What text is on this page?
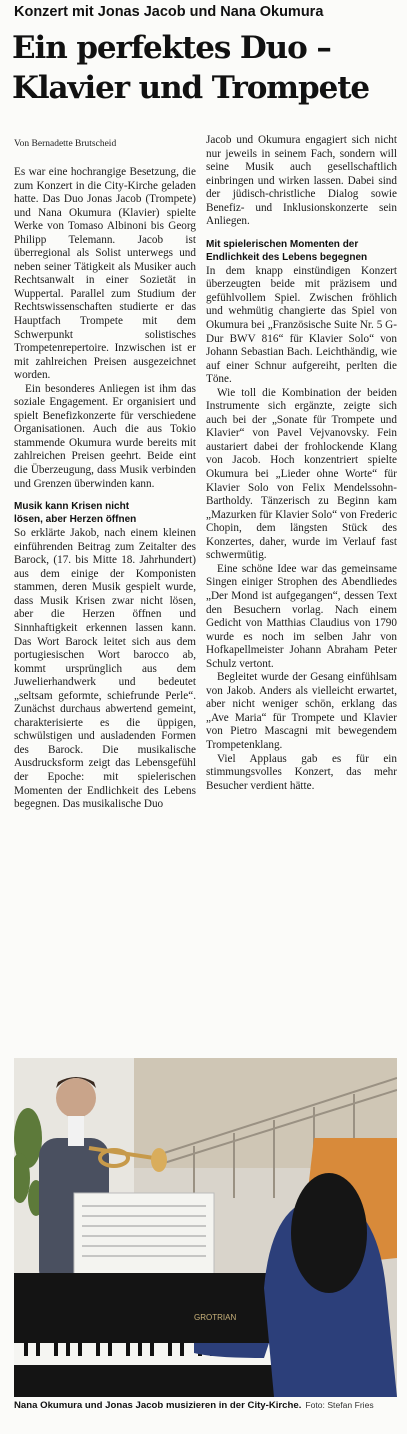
Konzert mit Jonas Jacob und Nana Okumura
Ein perfektes Duo –
Klavier und Trompete
Von Bernadette Brutscheid

Es war eine hochrangige Besetzung, die zum Konzert in die City-Kirche geladen hatte. Das Duo Jonas Jacob (Trompete) und Nana Okumura (Klavier) spielte Werke von Tomaso Albinoni bis Georg Philipp Telemann. Jacob ist überregional als Solist unterwegs und neben seiner Tätigkeit als Musiker auch Rechtsanwalt in einer Sozietät in Wuppertal. Parallel zum Studium der Rechtswissenschaften studierte er das Hauptfach Trompete mit dem Schwerpunkt solistisches Trompetenrepertoire. Inzwischen ist er mit zahlreichen Preisen ausgezeichnet worden.

Ein besonderes Anliegen ist ihm das soziale Engagement. Er organisiert und spielt Benefizkonzerte für verschiedene Organisationen. Auch die aus Tokio stammende Okumura wurde bereits mit zahlreichen Preisen geehrt. Beide eint die Überzeugung, dass Musik verbinden und Grenzen überwinden kann.

Musik kann Krisen nicht
lösen, aber Herzen öffnen

So erklärte Jakob, nach einem kleinen einführenden Beitrag zum Zeitalter des Barock, (17. bis Mitte 18. Jahrhundert) aus dem einige der Komponisten stammen, deren Musik gespielt wurde, dass Musik Krisen zwar nicht lösen, aber die Herzen öffnen und Sinnhaftigkeit erkennen lassen kann. Das Wort Barock leitet sich aus dem portugiesischen Wort barocco ab, kommt ursprünglich aus dem Juwelierhandwerk und bedeutet „seltsam geformte, schiefrunde Perle“. Zunächst durchaus abwertend gemeint, charakterisierte es die üppigen, schwülstigen und ausladenden Formen des Barock. Die musikalische Ausdrucksform zeigt das Lebensgefühl der Epoche: mit spielerischen Momenten der Endlichkeit des Lebens begegnen. Das musikalische Duo

Jacob und Okumura engagiert sich nicht nur jeweils in seinem Fach, sondern will seine Musik auch gesellschaftlich einbringen und wirken lassen. Dabei sind der jüdisch-christliche Dialog sowie Benefiz- und Inklusionskonzerte sein Anliegen.

Mit spielerischen Momenten der
Endlichkeit des Lebens begegnen

In dem knapp einstündigen Konzert überzeugten beide mit präzisem und gefühlvollem Spiel. Zwischen fröhlich und wehmütig changierte das Spiel von Okumura bei „Französische Suite Nr. 5 G-Dur BWV 816“ für Klavier Solo“ von Johann Sebastian Bach. Leichthändig, wie auf einer Schnur aufgereiht, perlten die Töne.

Wie toll die Kombination der beiden Instrumente sich ergänzte, zeigte sich auch bei der „Sonate für Trompete und Klavier“ von Pavel Vejvanovsky. Fein austariert dabei der frohlockende Klang von Jacob. Hoch konzentriert spielte Okumura bei „Lieder ohne Worte“ für Klavier Solo von Felix Mendelssohn-Bartholdy. Tänzerisch zu Beginn kam „Mazurken für Klavier Solo“ von Frederic Chopin, dem längsten Stück des Konzertes, daher, wurde im Verlauf fast schwermütig.

Eine schöne Idee war das gemeinsame Singen einiger Strophen des Abendliedes „Der Mond ist aufgegangen“, dessen Text den Besuchern vorlag. Nach einem Gedicht von Matthias Claudius von 1790 wurde es noch im selben Jahr von Hofkapellmeister Johann Abraham Peter Schulz vertont.

Begleitet wurde der Gesang einfühlsam von Jakob. Anders als vielleicht erwartet, aber nicht weniger schön, erklang das „Ave Maria“ für Trompete und Klavier von Pietro Mascagni mit bewegendem Trompetenklang.

Viel Applaus gab es für ein stimmungsvolles Konzert, das mehr Besucher verdient hätte.

GROTRIAN
Nana Okumura und Jonas Jacob musizieren in der City-Kirche. Foto: Stefan Fries
